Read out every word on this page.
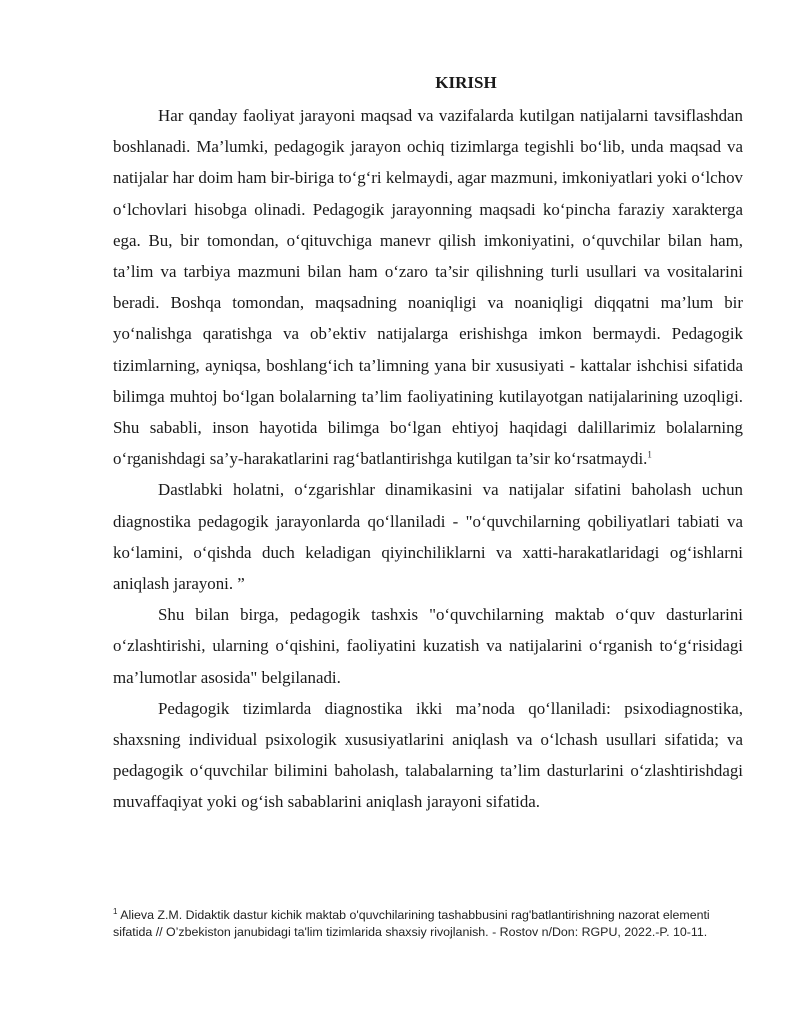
KIRISH

Har qanday faoliyat jarayoni maqsad va vazifalarda kutilgan natijalarni tavsiflashdan boshlanadi. Ma’lumki, pedagogik jarayon ochiq tizimlarga tegishli bo‘lib, unda maqsad va natijalar har doim ham bir-biriga to‘g‘ri kelmaydi, agar mazmuni, imkoniyatlari yoki o‘lchov o‘lchovlari hisobga olinadi. Pedagogik jarayonning maqsadi ko‘pincha faraziy xarakterga ega. Bu, bir tomondan, o‘qituvchiga manevr qilish imkoniyatini, o‘quvchilar bilan ham, ta’lim va tarbiya mazmuni bilan ham o‘zaro ta’sir qilishning turli usullari va vositalarini beradi. Boshqa tomondan, maqsadning noaniqligi va noaniqligi diqqatni ma’lum bir yo‘nalishga qaratishga va ob’ektiv natijalarga erishishga imkon bermaydi. Pedagogik tizimlarning, ayniqsa, boshlang‘ich ta’limning yana bir xususiyati - kattalar ishchisi sifatida bilimga muhtoj bo‘lgan bolalarning ta’lim faoliyatining kutilayotgan natijalarining uzoqligi. Shu sababli, inson hayotida bilimga bo‘lgan ehtiyoj haqidagi dalillarimiz bolalarning o‘rganishdagi sa’y-harakatlarini rag‘batlantirishga kutilgan ta’sir ko‘rsatmaydi.$^1$

Dastlabki holatni, o‘zgarishlar dinamikasini va natijalar sifatini baholash uchun diagnostika pedagogik jarayonlarda qo‘llaniladi - "o‘quvchilarning qobiliyatlari tabiati va ko‘lamini, o‘qishda duch keladigan qiyinchiliklarni va xatti-harakatlaridagi og‘ishlarni aniqlash jarayoni. ”

Shu bilan birga, pedagogik tashxis "o‘quvchilarning maktab o‘quv dasturlarini o‘zlashtirishi, ularning o‘qishini, faoliyatini kuzatish va natijalarini o‘rganish to‘g‘risidagi ma’lumotlar asosida" belgilanadi.

Pedagogik tizimlarda diagnostika ikki ma’noda qo‘llaniladi: psixodiagnostika, shaxsning individual psixologik xususiyatlarini aniqlash va o‘lchash usullari sifatida; va pedagogik o‘quvchilar bilimini baholash, talabalarning ta’lim dasturlarini o‘zlashtirishdagi muvaffaqiyat yoki og‘ish sabablarini aniqlash jarayoni sifatida.

$^1$ Alieva Z.M. Didaktik dastur kichik maktab o'quvchilarining tashabbusini rag'batlantirishning nazorat elementi sifatida // O’zbekiston janubidagi ta'lim tizimlarida shaxsiy rivojlanish. - Rostov n/Don: RGPU, 2022.-P. 10-11.
